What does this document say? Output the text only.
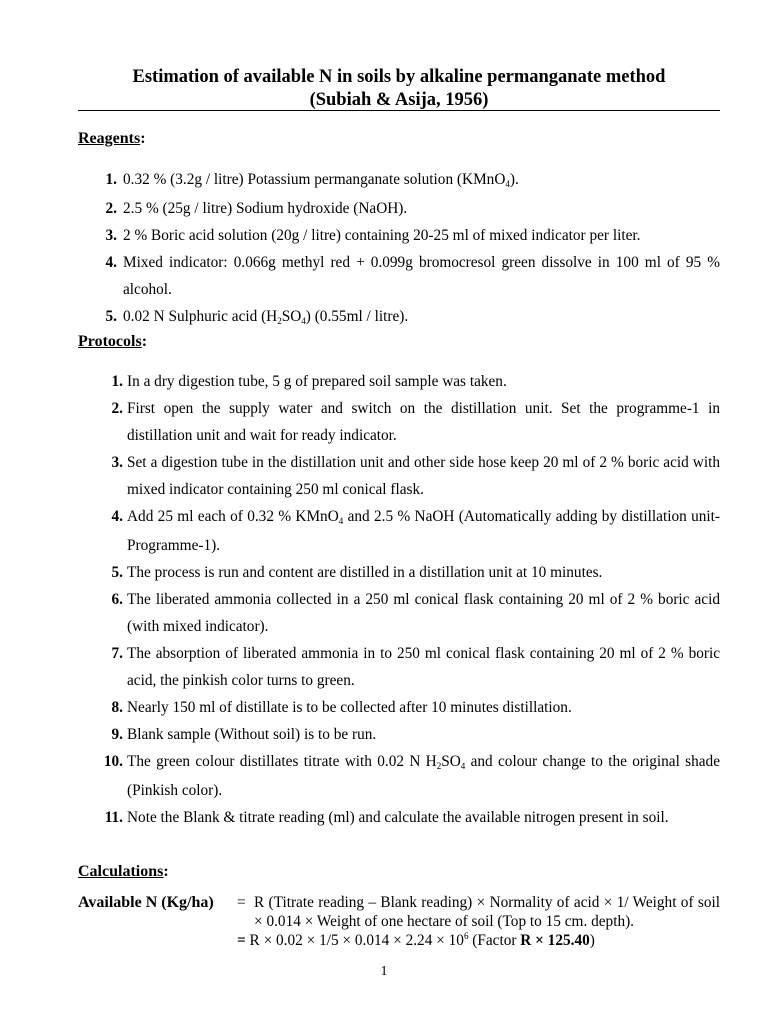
Estimation of available N in soils by alkaline permanganate method
(Subiah & Asija, 1956)
Reagents:
1. 0.32 % (3.2g / litre) Potassium permanganate solution (KMnO$_4$).
2. 2.5 % (25g / litre) Sodium hydroxide (NaOH).
3. 2 % Boric acid solution (20g / litre) containing 20-25 ml of mixed indicator per liter.
4. Mixed indicator: 0.066g methyl red + 0.099g bromocresol green dissolve in 100 ml of 95 % alcohol.
5. 0.02 N Sulphuric acid $(H_2SO_4)$ (0.55ml / litre).
Protocols:
1. In a dry digestion tube, 5 g of prepared soil sample was taken.
2. First open the supply water and switch on the distillation unit. Set the programme-1 in distillation unit and wait for ready indicator.
3. Set a digestion tube in the distillation unit and other side hose keep 20 ml of 2 % boric acid with mixed indicator containing 250 ml conical flask.
4. Add 25 ml each of 0.32 % KMnO$_4$ and 2.5 % NaOH (Automatically adding by distillation unit-Programme-1).
5. The process is run and content are distilled in a distillation unit at 10 minutes.
6. The liberated ammonia collected in a 250 ml conical flask containing 20 ml of 2 % boric acid (with mixed indicator).
7. The absorption of liberated ammonia in to 250 ml conical flask containing 20 ml of 2 % boric acid, the pinkish color turns to green.
8. Nearly 150 ml of distillate is to be collected after 10 minutes distillation.
9. Blank sample (Without soil) is to be run.
10. The green colour distillates titrate with 0.02 N $H_2SO_4$ and colour change to the original shade (Pinkish color).
11. Note the Blank & titrate reading (ml) and calculate the available nitrogen present in soil.
Calculations:
Available N (Kg/ha) = R (Titrate reading – Blank reading) × Normality of acid × 1/ Weight of soil × 0.014 × Weight of one hectare of soil (Top to 15 cm. depth).
= $R \times 0.02 \times 1/5 \times 0.014 \times 2.24 \times 10^6$ (Factor R × 125.40)
1
